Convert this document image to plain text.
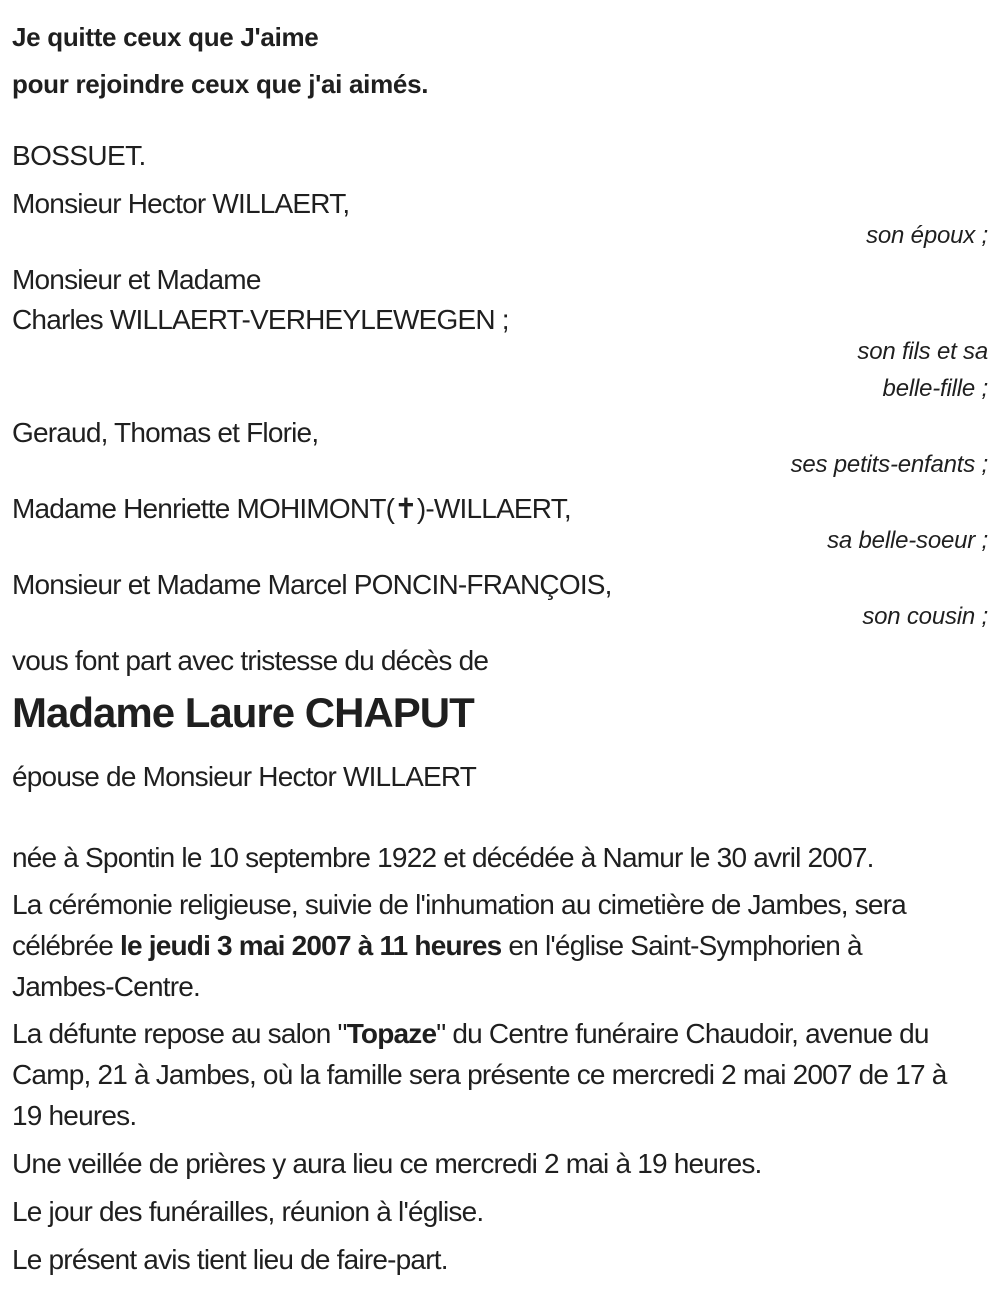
Je quitte ceux que J'aime

pour rejoindre ceux que j'ai aimés.

BOSSUET.

Monsieur Hector WILLAERT,

son époux ;

Monsieur et Madame

Charles WILLAERT-VERHEYLEWEGEN ;

son fils et sa

belle-fille ;

Geraud, Thomas et Florie,

ses petits-enfants ;

Madame Henriette MOHIMONT(✝)-WILLAERT,

sa belle-soeur ;

Monsieur et Madame Marcel PONCIN-FRANÇOIS,

son cousin ;

vous font part avec tristesse du décès de

Madame Laure CHAPUT

épouse de Monsieur Hector WILLAERT

née à Spontin le 10 septembre 1922 et décédée à Namur le 30 avril 2007.

La cérémonie religieuse, suivie de l'inhumation au cimetière de Jambes, sera célébrée le jeudi 3 mai 2007 à 11 heures en l'église Saint-Symphorien à Jambes-Centre.

La défunte repose au salon "Topaze" du Centre funéraire Chaudoir, avenue du Camp, 21 à Jambes, où la famille sera présente ce mercredi 2 mai 2007 de 17 à 19 heures.

Une veillée de prières y aura lieu ce mercredi 2 mai à 19 heures.

Le jour des funérailles, réunion à l'église.

Le présent avis tient lieu de faire-part.
